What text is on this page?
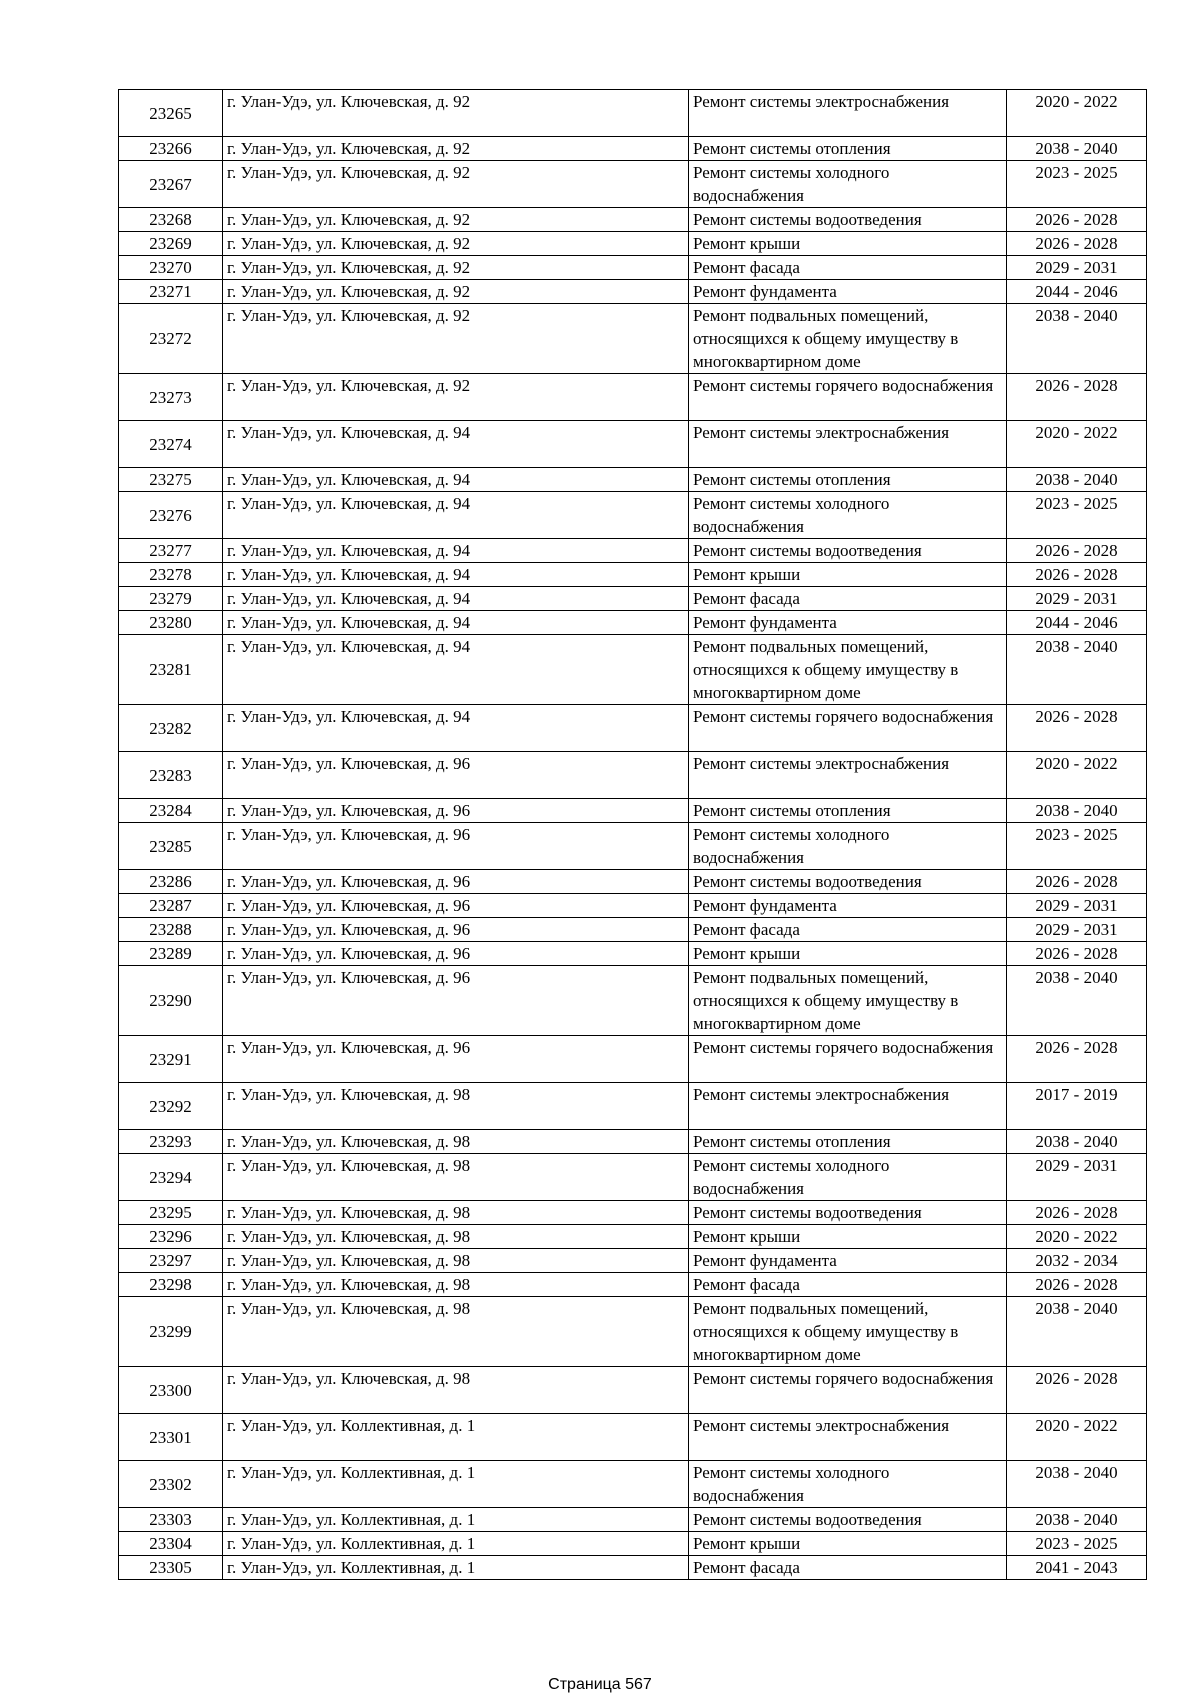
23265	г. Улан-Удэ, ул. Ключевская, д. 92	Ремонт системы электроснабжения	2020 - 2022
23266	г. Улан-Удэ, ул. Ключевская, д. 92	Ремонт системы отопления	2038 - 2040
23267	г. Улан-Удэ, ул. Ключевская, д. 92	Ремонт системы холодного водоснабжения	2023 - 2025
23268	г. Улан-Удэ, ул. Ключевская, д. 92	Ремонт системы водоотведения	2026 - 2028
23269	г. Улан-Удэ, ул. Ключевская, д. 92	Ремонт крыши	2026 - 2028
23270	г. Улан-Удэ, ул. Ключевская, д. 92	Ремонт фасада	2029 - 2031
23271	г. Улан-Удэ, ул. Ключевская, д. 92	Ремонт фундамента	2044 - 2046
23272	г. Улан-Удэ, ул. Ключевская, д. 92	Ремонт подвальных помещений, относящихся к общему имуществу в многоквартирном доме	2038 - 2040
23273	г. Улан-Удэ, ул. Ключевская, д. 92	Ремонт системы горячего водоснабжения	2026 - 2028
23274	г. Улан-Удэ, ул. Ключевская, д. 94	Ремонт системы электроснабжения	2020 - 2022
23275	г. Улан-Удэ, ул. Ключевская, д. 94	Ремонт системы отопления	2038 - 2040
23276	г. Улан-Удэ, ул. Ключевская, д. 94	Ремонт системы холодного водоснабжения	2023 - 2025
23277	г. Улан-Удэ, ул. Ключевская, д. 94	Ремонт системы водоотведения	2026 - 2028
23278	г. Улан-Удэ, ул. Ключевская, д. 94	Ремонт крыши	2026 - 2028
23279	г. Улан-Удэ, ул. Ключевская, д. 94	Ремонт фасада	2029 - 2031
23280	г. Улан-Удэ, ул. Ключевская, д. 94	Ремонт фундамента	2044 - 2046
23281	г. Улан-Удэ, ул. Ключевская, д. 94	Ремонт подвальных помещений, относящихся к общему имуществу в многоквартирном доме	2038 - 2040
23282	г. Улан-Удэ, ул. Ключевская, д. 94	Ремонт системы горячего водоснабжения	2026 - 2028
23283	г. Улан-Удэ, ул. Ключевская, д. 96	Ремонт системы электроснабжения	2020 - 2022
23284	г. Улан-Удэ, ул. Ключевская, д. 96	Ремонт системы отопления	2038 - 2040
23285	г. Улан-Удэ, ул. Ключевская, д. 96	Ремонт системы холодного водоснабжения	2023 - 2025
23286	г. Улан-Удэ, ул. Ключевская, д. 96	Ремонт системы водоотведения	2026 - 2028
23287	г. Улан-Удэ, ул. Ключевская, д. 96	Ремонт фундамента	2029 - 2031
23288	г. Улан-Удэ, ул. Ключевская, д. 96	Ремонт фасада	2029 - 2031
23289	г. Улан-Удэ, ул. Ключевская, д. 96	Ремонт крыши	2026 - 2028
23290	г. Улан-Удэ, ул. Ключевская, д. 96	Ремонт подвальных помещений, относящихся к общему имуществу в многоквартирном доме	2038 - 2040
23291	г. Улан-Удэ, ул. Ключевская, д. 96	Ремонт системы горячего водоснабжения	2026 - 2028
23292	г. Улан-Удэ, ул. Ключевская, д. 98	Ремонт системы электроснабжения	2017 - 2019
23293	г. Улан-Удэ, ул. Ключевская, д. 98	Ремонт системы отопления	2038 - 2040
23294	г. Улан-Удэ, ул. Ключевская, д. 98	Ремонт системы холодного водоснабжения	2029 - 2031
23295	г. Улан-Удэ, ул. Ключевская, д. 98	Ремонт системы водоотведения	2026 - 2028
23296	г. Улан-Удэ, ул. Ключевская, д. 98	Ремонт крыши	2020 - 2022
23297	г. Улан-Удэ, ул. Ключевская, д. 98	Ремонт фундамента	2032 - 2034
23298	г. Улан-Удэ, ул. Ключевская, д. 98	Ремонт фасада	2026 - 2028
23299	г. Улан-Удэ, ул. Ключевская, д. 98	Ремонт подвальных помещений, относящихся к общему имуществу в многоквартирном доме	2038 - 2040
23300	г. Улан-Удэ, ул. Ключевская, д. 98	Ремонт системы горячего водоснабжения	2026 - 2028
23301	г. Улан-Удэ, ул. Коллективная, д. 1	Ремонт системы электроснабжения	2020 - 2022
23302	г. Улан-Удэ, ул. Коллективная, д. 1	Ремонт системы холодного водоснабжения	2038 - 2040
23303	г. Улан-Удэ, ул. Коллективная, д. 1	Ремонт системы водоотведения	2038 - 2040
23304	г. Улан-Удэ, ул. Коллективная, д. 1	Ремонт крыши	2023 - 2025
23305	г. Улан-Удэ, ул. Коллективная, д. 1	Ремонт фасада	2041 - 2043
Страница 567
